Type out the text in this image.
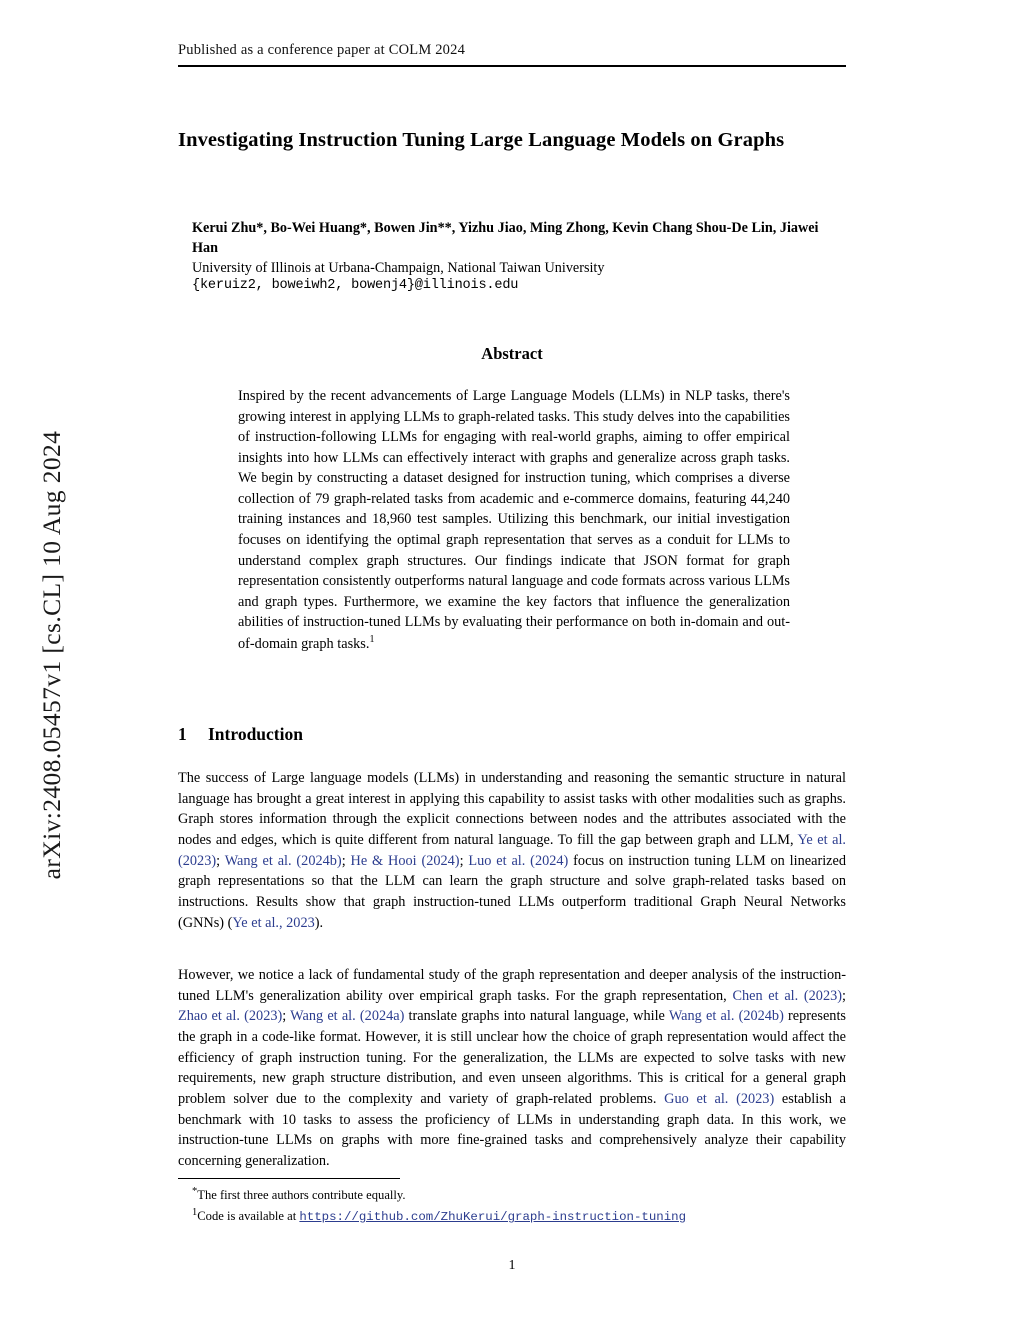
arXiv:2408.05457v1 [cs.CL] 10 Aug 2024
Published as a conference paper at COLM 2024
Investigating Instruction Tuning Large Language Models on Graphs
Kerui Zhu*, Bo-Wei Huang*, Bowen Jin**, Yizhu Jiao, Ming Zhong, Kevin Chang Shou-De Lin, Jiawei Han
University of Illinois at Urbana-Champaign, National Taiwan University
{keruiz2, boweiwh2, bowenj4}@illinois.edu
Abstract
Inspired by the recent advancements of Large Language Models (LLMs) in NLP tasks, there's growing interest in applying LLMs to graph-related tasks. This study delves into the capabilities of instruction-following LLMs for engaging with real-world graphs, aiming to offer empirical insights into how LLMs can effectively interact with graphs and generalize across graph tasks. We begin by constructing a dataset designed for instruction tuning, which comprises a diverse collection of 79 graph-related tasks from academic and e-commerce domains, featuring 44,240 training instances and 18,960 test samples. Utilizing this benchmark, our initial investigation focuses on identifying the optimal graph representation that serves as a conduit for LLMs to understand complex graph structures. Our findings indicate that JSON format for graph representation consistently outperforms natural language and code formats across various LLMs and graph types. Furthermore, we examine the key factors that influence the generalization abilities of instruction-tuned LLMs by evaluating their performance on both in-domain and out-of-domain graph tasks.$^1$
1 Introduction
The success of Large language models (LLMs) in understanding and reasoning the semantic structure in natural language has brought a great interest in applying this capability to assist tasks with other modalities such as graphs. Graph stores information through the explicit connections between nodes and the attributes associated with the nodes and edges, which is quite different from natural language. To fill the gap between graph and LLM, Ye et al. (2023); Wang et al. (2024b); He & Hooi (2024); Luo et al. (2024) focus on instruction tuning LLM on linearized graph representations so that the LLM can learn the graph structure and solve graph-related tasks based on instructions. Results show that graph instruction-tuned LLMs outperform traditional Graph Neural Networks (GNNs) (Ye et al., 2023).
However, we notice a lack of fundamental study of the graph representation and deeper analysis of the instruction-tuned LLM's generalization ability over empirical graph tasks. For the graph representation, Chen et al. (2023); Zhao et al. (2023); Wang et al. (2024a) translate graphs into natural language, while Wang et al. (2024b) represents the graph in a code-like format. However, it is still unclear how the choice of graph representation would affect the efficiency of graph instruction tuning. For the generalization, the LLMs are expected to solve tasks with new requirements, new graph structure distribution, and even unseen algorithms. This is critical for a general graph problem solver due to the complexity and variety of graph-related problems. Guo et al. (2023) establish a benchmark with 10 tasks to assess the proficiency of LLMs in understanding graph data. In this work, we instruction-tune LLMs on graphs with more fine-grained tasks and comprehensively analyze their capability concerning generalization.
*The first three authors contribute equally.
$^1$Code is available at https://github.com/ZhuKerui/graph-instruction-tuning
1
